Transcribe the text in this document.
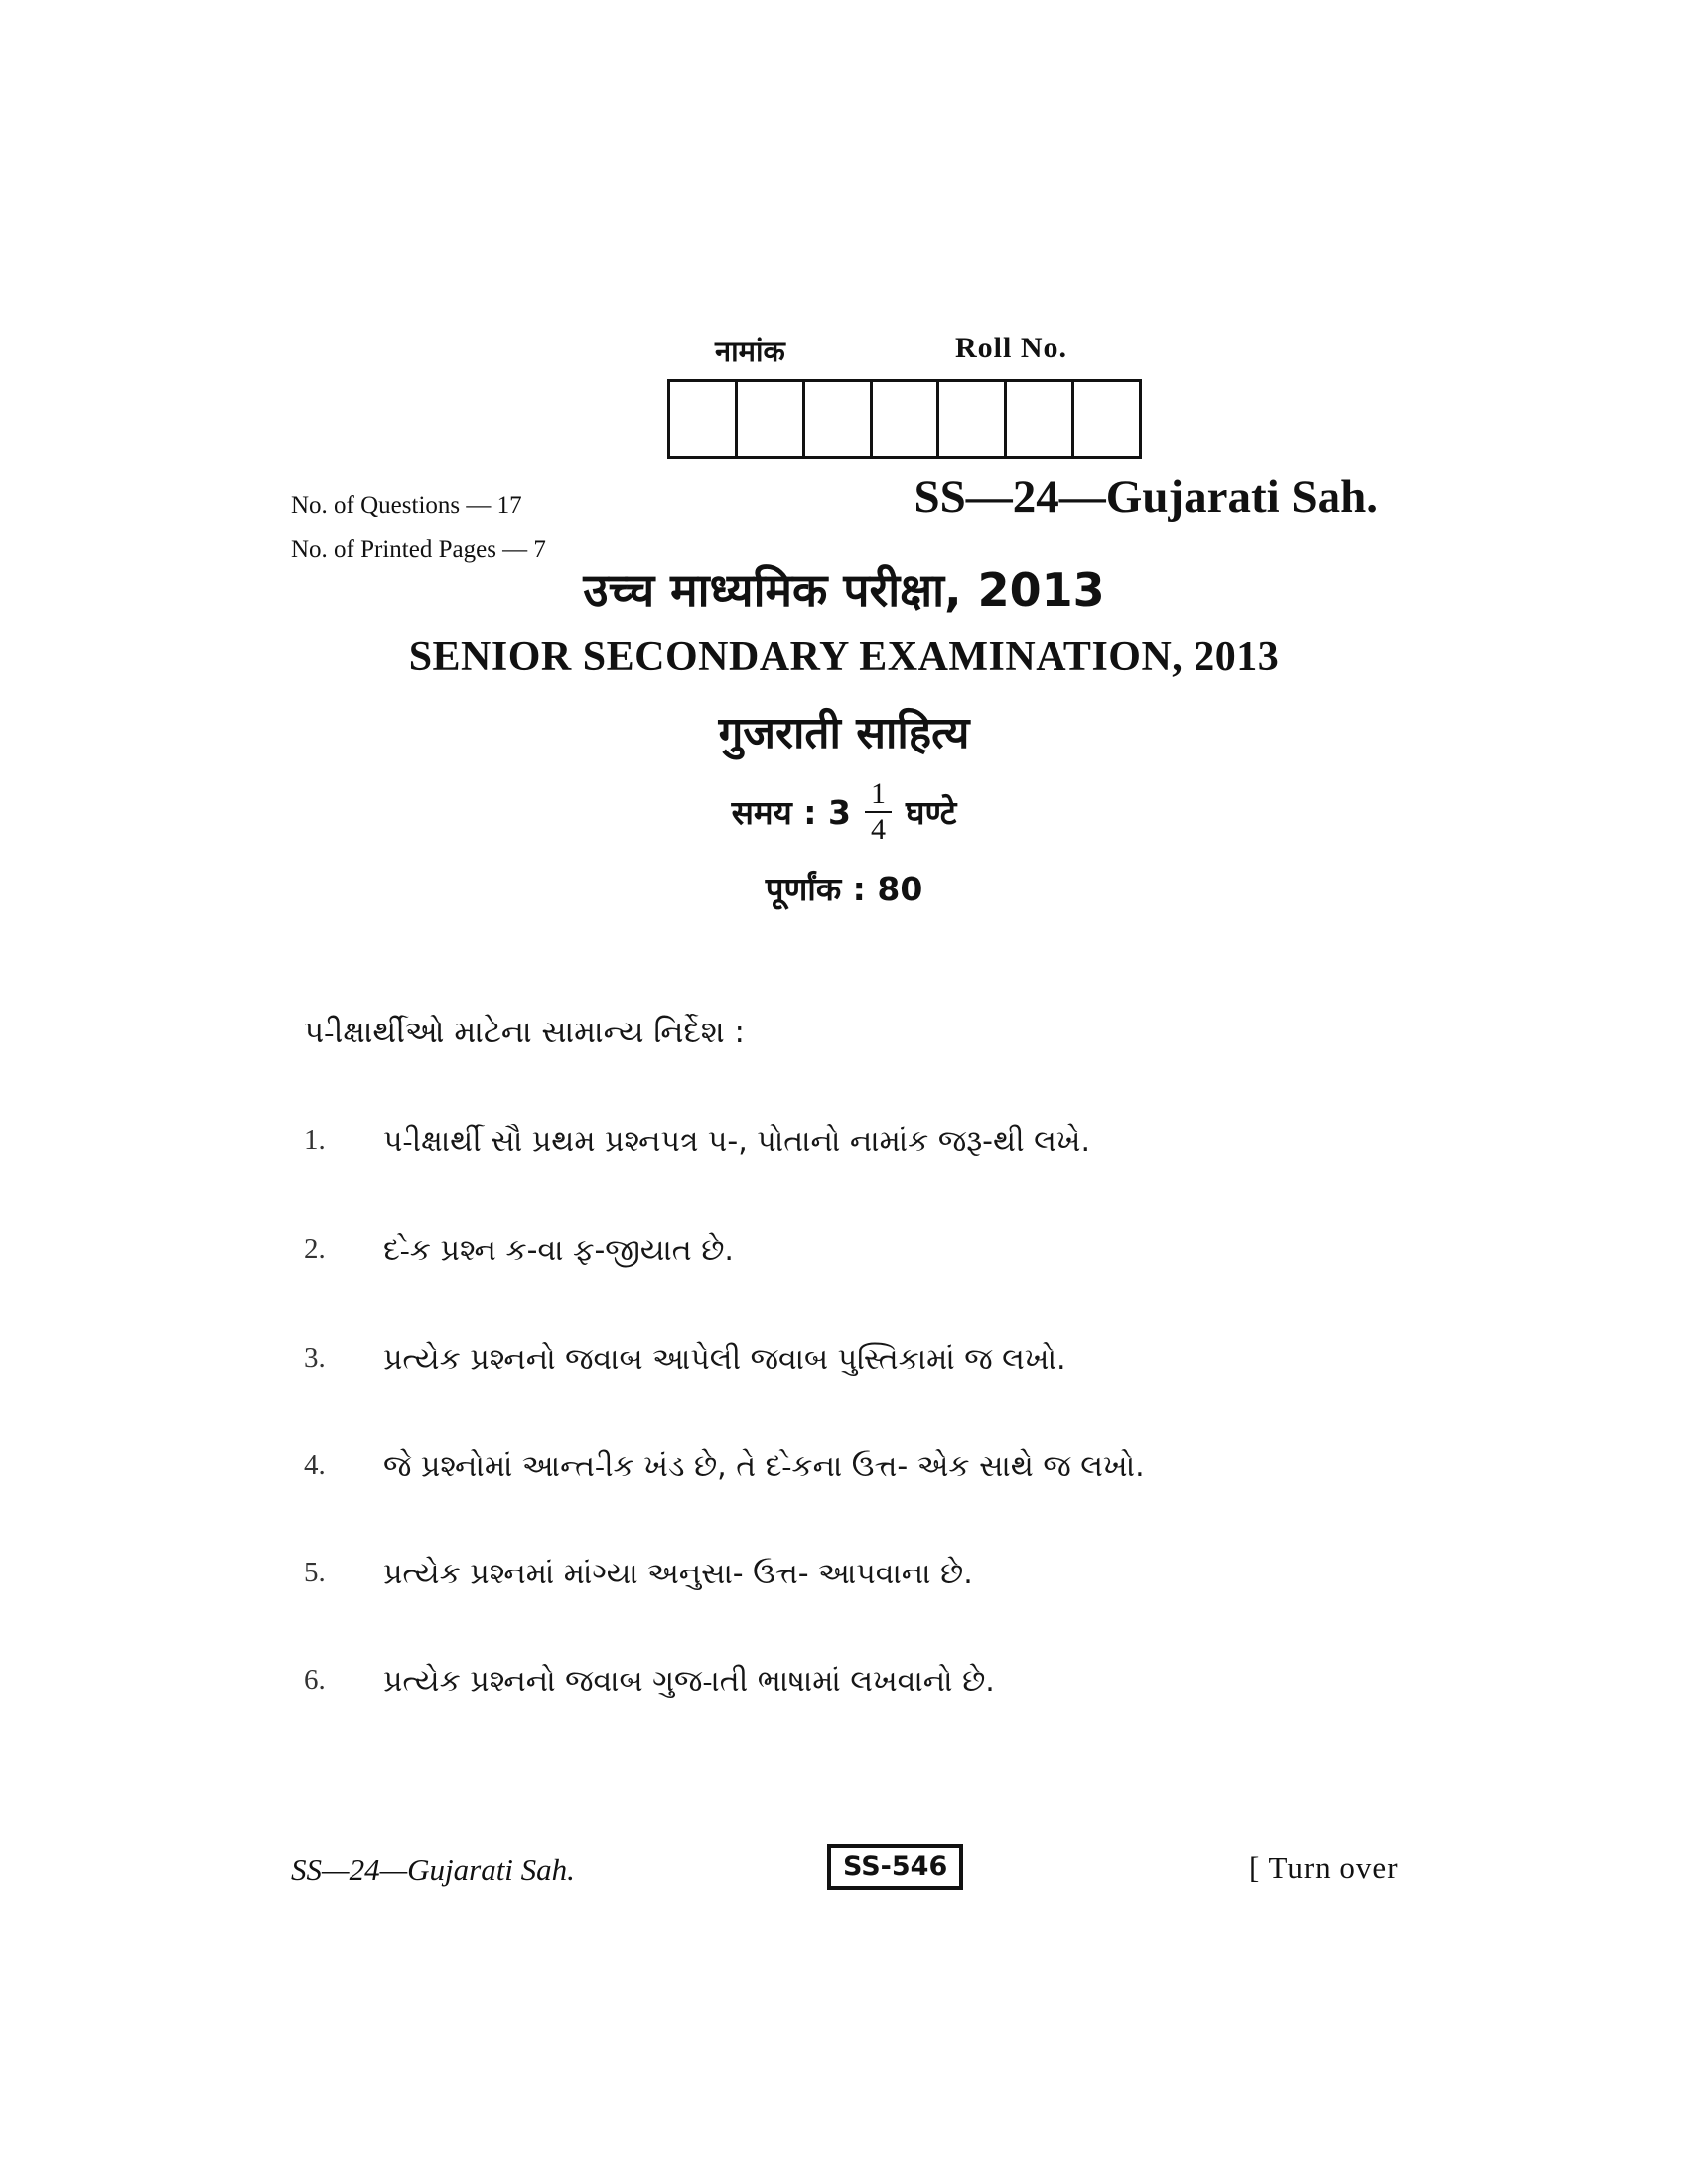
नामांक	Roll No.
No. of Questions — 17
No. of Printed Pages — 7
SS—24—Gujarati Sah.
उच्च माध्यमिक परीक्षा, 2013
SENIOR SECONDARY EXAMINATION, 2013
गुजराती साहित्य
समय : $3 \frac{1}{4}$ घण्टे
पूर्णांक : 80
પ-ીક્ષાર્થીઓ માટેના સામાન્ય નિર્દેશ :
1. પ-ીક્ષાર્થી સૌ પ્રથમ પ્રશ્નપત્ર પ-, પોતાનો નામાંક જરૂ-થી લખે.
2. દ-ેક પ્રશ્ન ક-વા ફ-જીયાત છે.
3. પ્રત્યેક પ્રશ્નનો જવાબ આપેલી જવાબ પુસ્તિકામાં જ લખો.
4. જે પ્રશ્નોમાં આન્ત-ીક ખંડ છે, તે દ-ેકના ઉત્ત- એક સાથે જ લખો.
5. પ્રત્યેક પ્રશ્નમાં માંગ્યા અનુસા- ઉત્ત- આપવાના છે.
6. પ્રત્યેક પ્રશ્નનો જવાબ ગુજ-ાતી ભાષામાં લખવાનો છે.
SS—24—Gujarati Sah.	SS-546	[ Turn over
